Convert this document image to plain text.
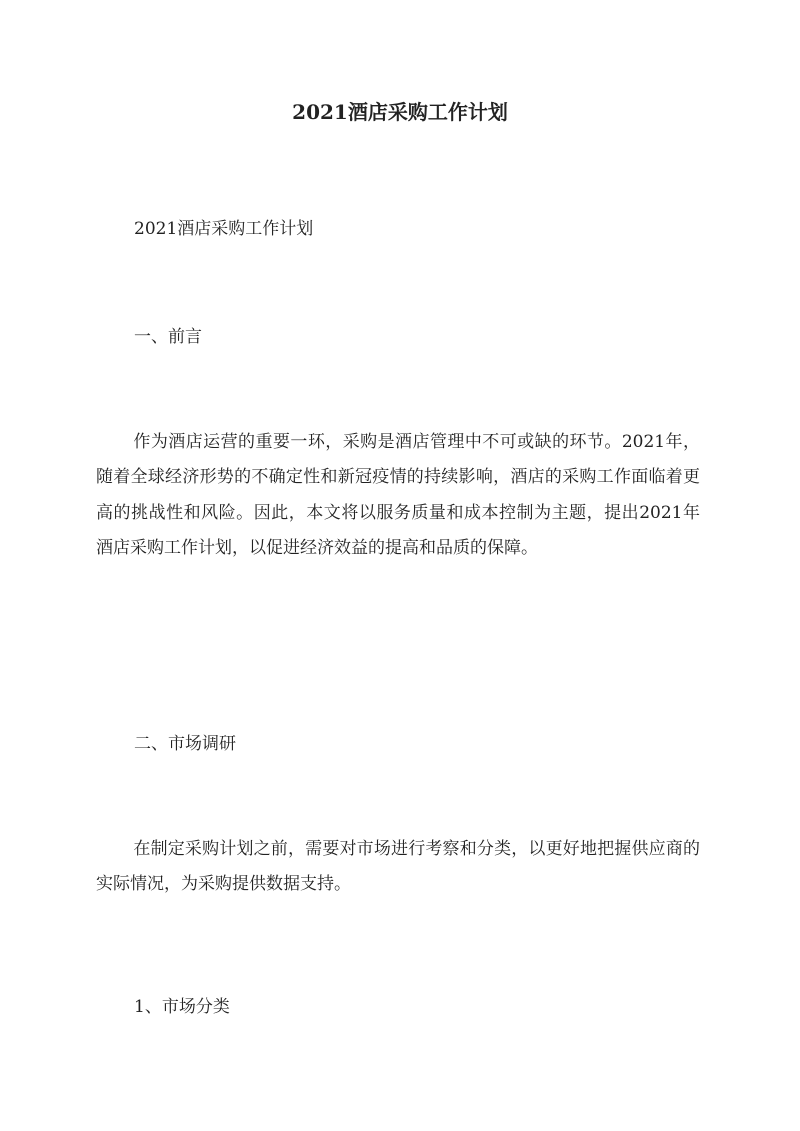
2021酒店采购工作计划

2021酒店采购工作计划

一、前言

作为酒店运营的重要一环，采购是酒店管理中不可或缺的环节。2021年，随着全球经济形势的不确定性和新冠疫情的持续影响，酒店的采购工作面临着更高的挑战性和风险。因此，本文将以服务质量和成本控制为主题，提出2021年酒店采购工作计划，以促进经济效益的提高和品质的保障。

二、市场调研

在制定采购计划之前，需要对市场进行考察和分类，以更好地把握供应商的实际情况，为采购提供数据支持。

1、市场分类
